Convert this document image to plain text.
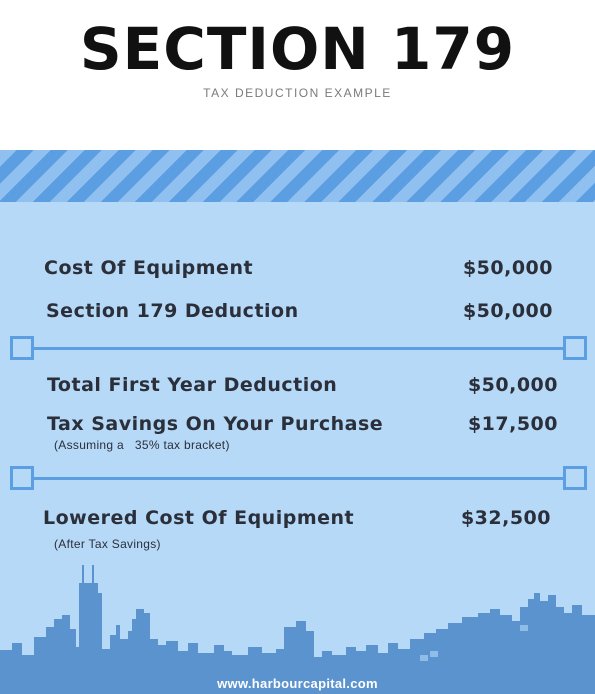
SECTION 179
TAX DEDUCTION EXAMPLE
Cost Of Equipment	$50,000
Section 179 Deduction	$50,000
Total First Year Deduction	$50,000
Tax Savings On Your Purchase	$17,500
(Assuming a   35% tax bracket)
Lowered Cost Of Equipment	$32,500
(After Tax Savings)
www.harbourcapital.com
